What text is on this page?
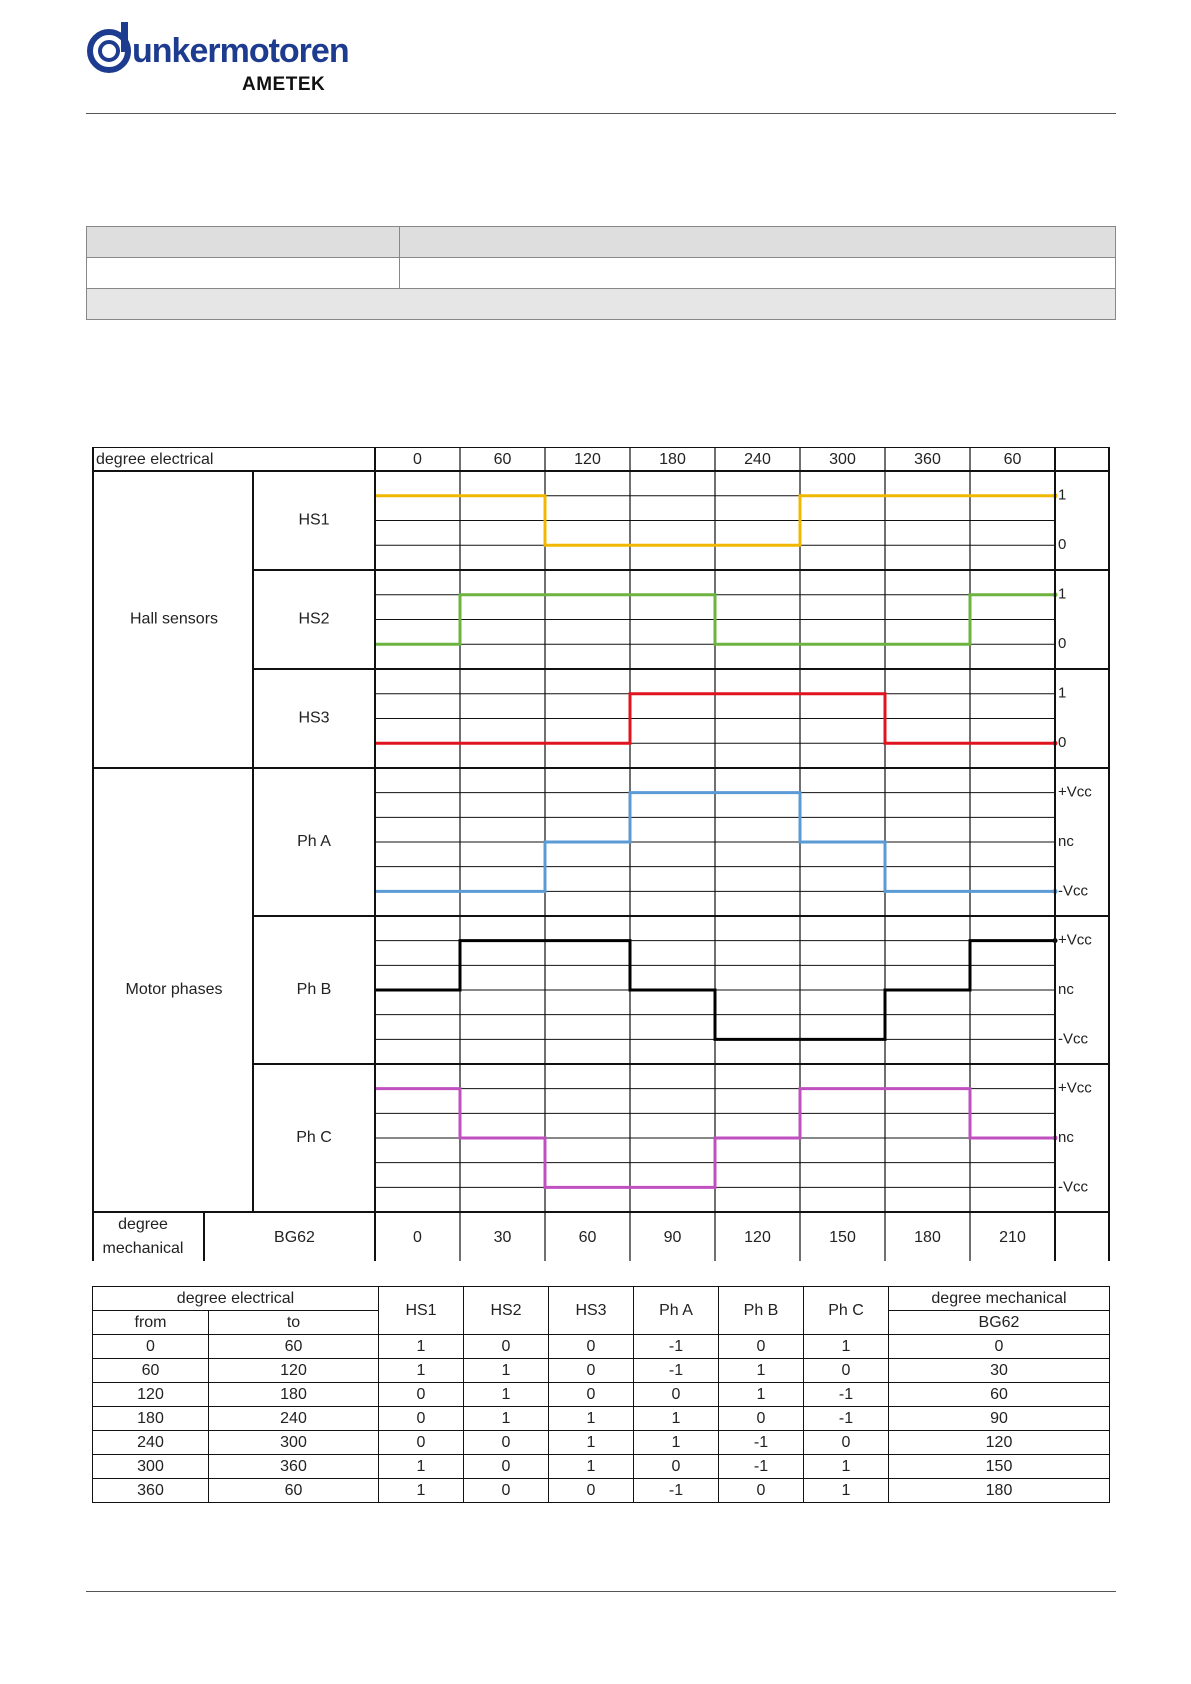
unkermotoren
AMETEK

degree electrical	0	60	120	180	240	300	360	60
Hall sensors
Motor phases
HS1
1
0
HS2
1
0
HS3
1
0
Ph A
+Vcc
nc
-Vcc
Ph B
+Vcc
nc
-Vcc
Ph C
+Vcc
nc
-Vcc
degree
mechanical
BG62	0	30	60	90	120	150	180	210
degree electrical		HS1	HS2	HS3	Ph A	Ph B	Ph C	degree mechanical
from	to							BG62
0	60	1	0	0	-1	0	1	0
60	120	1	1	0	-1	1	0	30
120	180	0	1	0	0	1	-1	60
180	240	0	1	1	1	0	-1	90
240	300	0	0	1	1	-1	0	120
300	360	1	0	1	0	-1	1	150
360	60	1	0	0	-1	0	1	180
